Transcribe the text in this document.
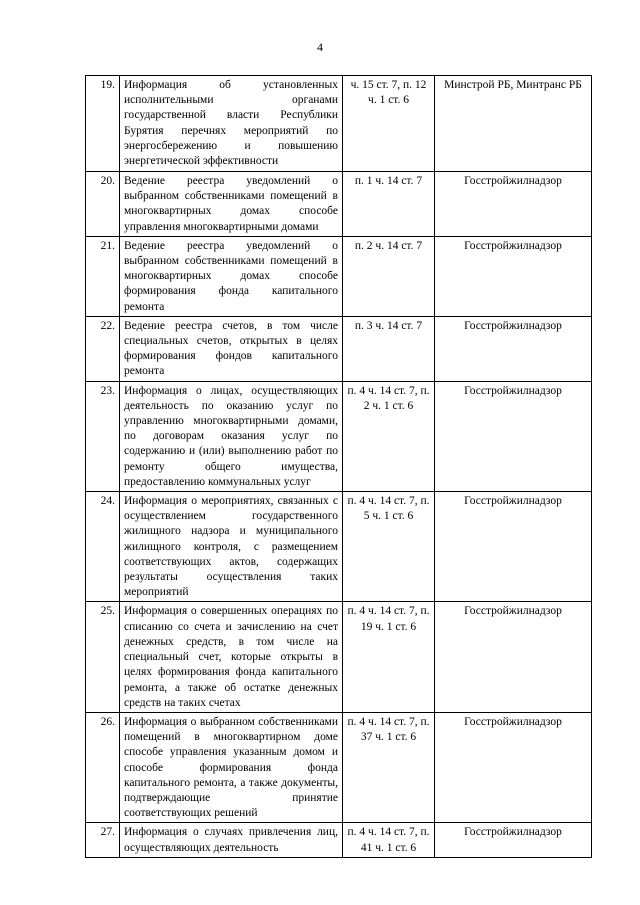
4
19.	Информация об установленных исполнительными органами государственной власти Республики Бурятия перечнях мероприятий по энергосбережению и повышению энергетической эффективности	ч. 15 ст. 7, п. 12 ч. 1 ст. 6	Минстрой РБ, Минтранс РБ
20.	Ведение реестра уведомлений о выбранном собственниками помещений в многоквартирных домах способе управления многоквартирными домами	п. 1 ч. 14 ст. 7	Госстройжилнадзор
21.	Ведение реестра уведомлений о выбранном собственниками помещений в многоквартирных домах способе формирования фонда капитального ремонта	п. 2 ч. 14 ст. 7	Госстройжилнадзор
22.	Ведение реестра счетов, в том числе специальных счетов, открытых в целях формирования фондов капитального ремонта	п. 3 ч. 14 ст. 7	Госстройжилнадзор
23.	Информация о лицах, осуществляющих деятельность по оказанию услуг по управлению многоквартирными домами, по договорам оказания услуг по содержанию и (или) выполнению работ по ремонту общего имущества, предоставлению коммунальных услуг	п. 4 ч. 14 ст. 7, п. 2 ч. 1 ст. 6	Госстройжилнадзор
24.	Информация о мероприятиях, связанных с осуществлением государственного жилищного надзора и муниципального жилищного контроля, с размещением соответствующих актов, содержащих результаты осуществления таких мероприятий	п. 4 ч. 14 ст. 7, п. 5 ч. 1 ст. 6	Госстройжилнадзор
25.	Информация о совершенных операциях по списанию со счета и зачислению на счет денежных средств, в том числе на специальный счет, которые открыты в целях формирования фонда капитального ремонта, а также об остатке денежных средств на таких счетах	п. 4 ч. 14 ст. 7, п. 19 ч. 1 ст. 6	Госстройжилнадзор
26.	Информация о выбранном собственниками помещений в многоквартирном доме способе управления указанным домом и способе формирования фонда капитального ремонта, а также документы, подтверждающие принятие соответствующих решений	п. 4 ч. 14 ст. 7, п. 37 ч. 1 ст. 6	Госстройжилнадзор
27.	Информация о случаях привлечения лиц, осуществляющих деятельность	п. 4 ч. 14 ст. 7, п. 41 ч. 1 ст. 6	Госстройжилнадзор
